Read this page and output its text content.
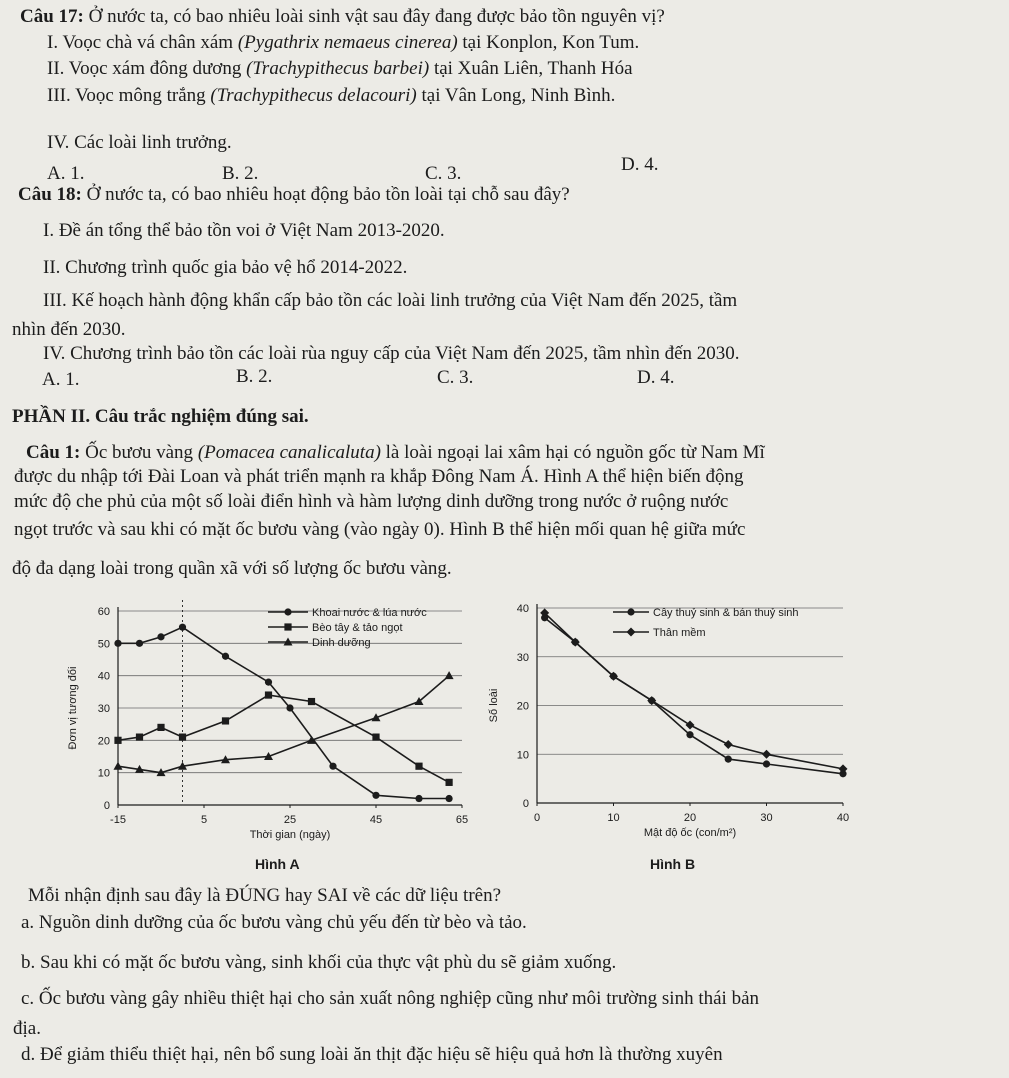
Câu 17: Ở nước ta, có bao nhiêu loài sinh vật sau đây đang được bảo tồn nguyên vị?
I. Voọc chà vá chân xám (Pygathrix nemaeus cinerea) tại Konplon, Kon Tum.
II. Voọc xám đông dương (Trachypithecus barbei) tại Xuân Liên, Thanh Hóa
III. Voọc mông trắng (Trachypithecus delacouri) tại Vân Long, Ninh Bình.
IV. Các loài linh trưởng.
A. 1.	B. 2.	C. 3.	D. 4.
Câu 18: Ở nước ta, có bao nhiêu hoạt động bảo tồn loài tại chỗ sau đây?
I. Đề án tổng thể bảo tồn voi ở Việt Nam 2013-2020.
II. Chương trình quốc gia bảo vệ hổ 2014-2022.
III. Kế hoạch hành động khẩn cấp bảo tồn các loài linh trưởng của Việt Nam đến 2025, tầm
nhìn đến 2030.
IV. Chương trình bảo tồn các loài rùa nguy cấp của Việt Nam đến 2025, tầm nhìn đến 2030.
A. 1.	B. 2.	C. 3.	D. 4.
PHẦN II. Câu trắc nghiệm đúng sai.
Câu 1: Ốc bươu vàng (Pomacea canalicaluta) là loài ngoại lai xâm hại có nguồn gốc từ Nam Mĩ
được du nhập tới Đài Loan và phát triển mạnh ra khắp Đông Nam Á. Hình A thể hiện biến động
mức độ che phủ của một số loài điển hình và hàm lượng dinh dưỡng trong nước ở ruộng nước
ngọt trước và sau khi có mặt ốc bươu vàng (vào ngày 0). Hình B thể hiện mối quan hệ giữa mức
độ đa dạng loài trong quần xã với số lượng ốc bươu vàng.
0
10
20
30
40
50
60
-15	5	25	45	65
Thời gian (ngày)
Đơn vị tương đối
Khoai nước & lúa nước
Bèo tây & tảo ngọt
Dinh dưỡng
Hình A
0
10
20
30
40
0	10	20	30	40
Mật độ ốc (con/m²)
Số loài
Cây thuỷ sinh & bán thuỷ sinh
Thân mềm
Hình B
Mỗi nhận định sau đây là ĐÚNG hay SAI về các dữ liệu trên?
a. Nguồn dinh dưỡng của ốc bươu vàng chủ yếu đến từ bèo và tảo.
b. Sau khi có mặt ốc bươu vàng, sinh khối của thực vật phù du sẽ giảm xuống.
c. Ốc bươu vàng gây nhiều thiệt hại cho sản xuất nông nghiệp cũng như môi trường sinh thái bản
địa.
d. Để giảm thiểu thiệt hại, nên bổ sung loài ăn thịt đặc hiệu sẽ hiệu quả hơn là thường xuyên
